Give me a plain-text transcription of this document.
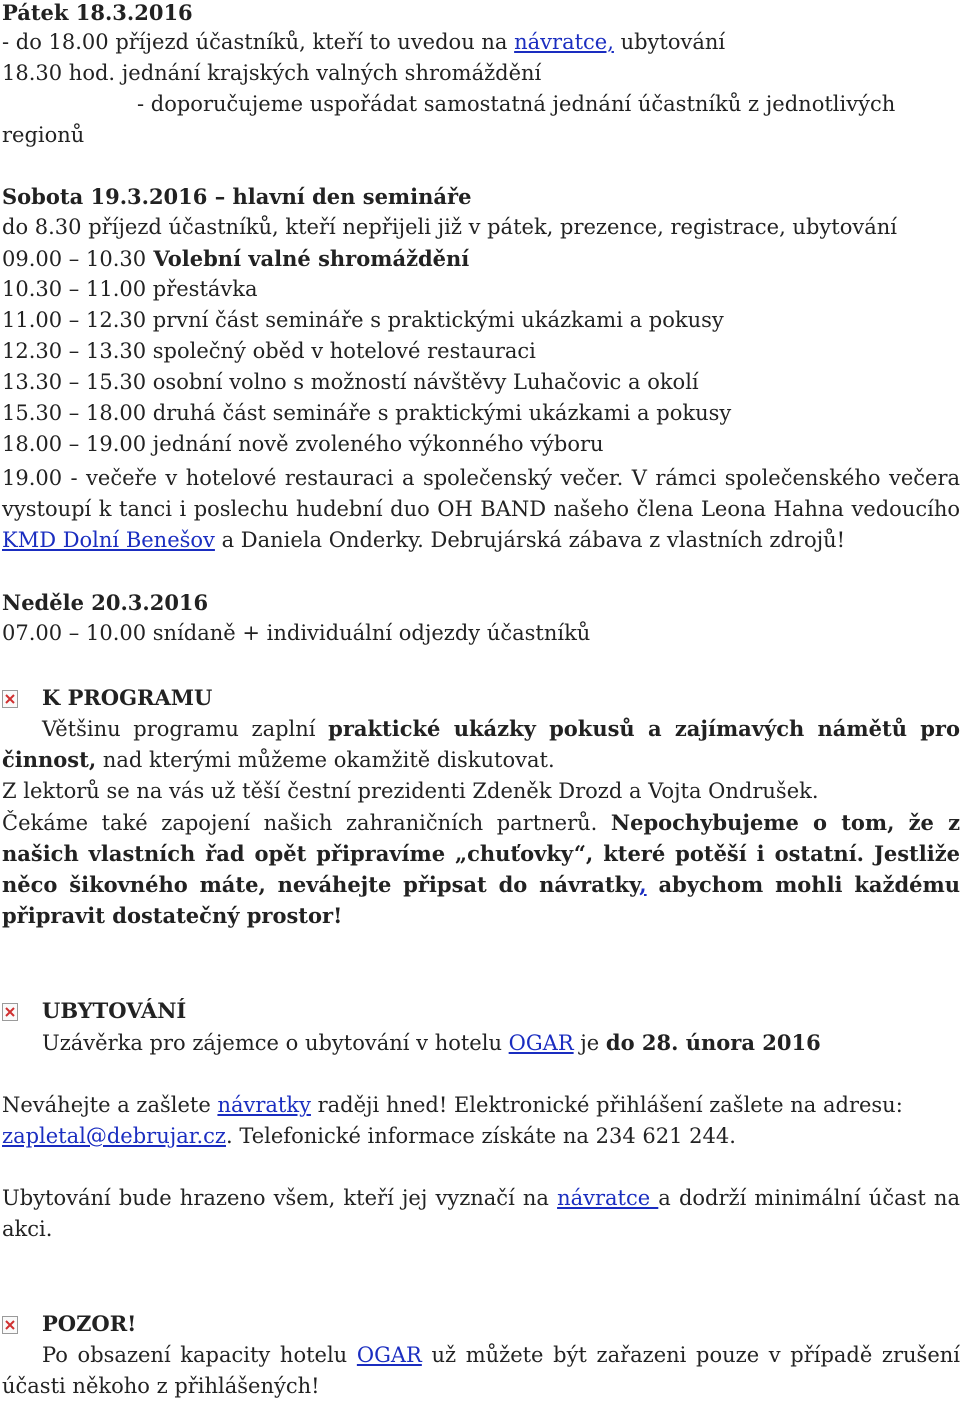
Pátek 18.3.2016
- do 18.00 příjezd účastníků, kteří to uvedou na návratce, ubytování
18.30 hod. jednání krajských valných shromáždění
- doporučujeme uspořádat samostatná jednání účastníků z jednotlivých
regionů
Sobota 19.3.2016 – hlavní den semináře
do 8.30 příjezd účastníků, kteří nepřijeli již v pátek, prezence, registrace, ubytování
09.00 – 10.30 Volební valné shromáždění
10.30 – 11.00 přestávka
11.00 – 12.30 první část semináře s praktickými ukázkami a pokusy
12.30 – 13.30 společný oběd v hotelové restauraci
13.30 – 15.30 osobní volno s možností návštěvy Luhačovic a okolí
15.30 – 18.00 druhá část semináře s praktickými ukázkami a pokusy
18.00 – 19.00 jednání nově zvoleného výkonného výboru
19.00 - večeře v hotelové restauraci a společenský večer. V rámci společenského večera
vystoupí k tanci i poslechu hudební duo OH BAND našeho člena Leona Hahna vedoucího
KMD Dolní Benešov a Daniela Onderky. Debrujárská zábava z vlastních zdrojů!
Neděle 20.3.2016
07.00 – 10.00 snídaně + individuální odjezdy účastníků
K PROGRAMU
Většinu programu zaplní praktické ukázky pokusů a zajímavých námětů pro
činnost, nad kterými můžeme okamžitě diskutovat.
Z lektorů se na vás už těší čestní prezidenti Zdeněk Drozd a Vojta Ondrušek.
Čekáme také zapojení našich zahraničních partnerů. Nepochybujeme o tom, že z
našich vlastních řad opět připravíme „chuťovky“, které potěší i ostatní. Jestliže
něco šikovného máte, neváhejte připsat do návratky, abychom mohli každému
připravit dostatečný prostor!
UBYTOVÁNÍ
Uzávěrka pro zájemce o ubytování v hotelu OGAR je do 28. února 2016
Neváhejte a zašlete návratky raději hned! Elektronické přihlášení zašlete na adresu:
zapletal@debrujar.cz. Telefonické informace získáte na 234 621 244.
Ubytování bude hrazeno všem, kteří jej vyznačí na návratce a dodrží minimální účast na
akci.
POZOR!
Po obsazení kapacity hotelu OGAR už můžete být zařazeni pouze v případě zrušení
účasti někoho z přihlášených!
